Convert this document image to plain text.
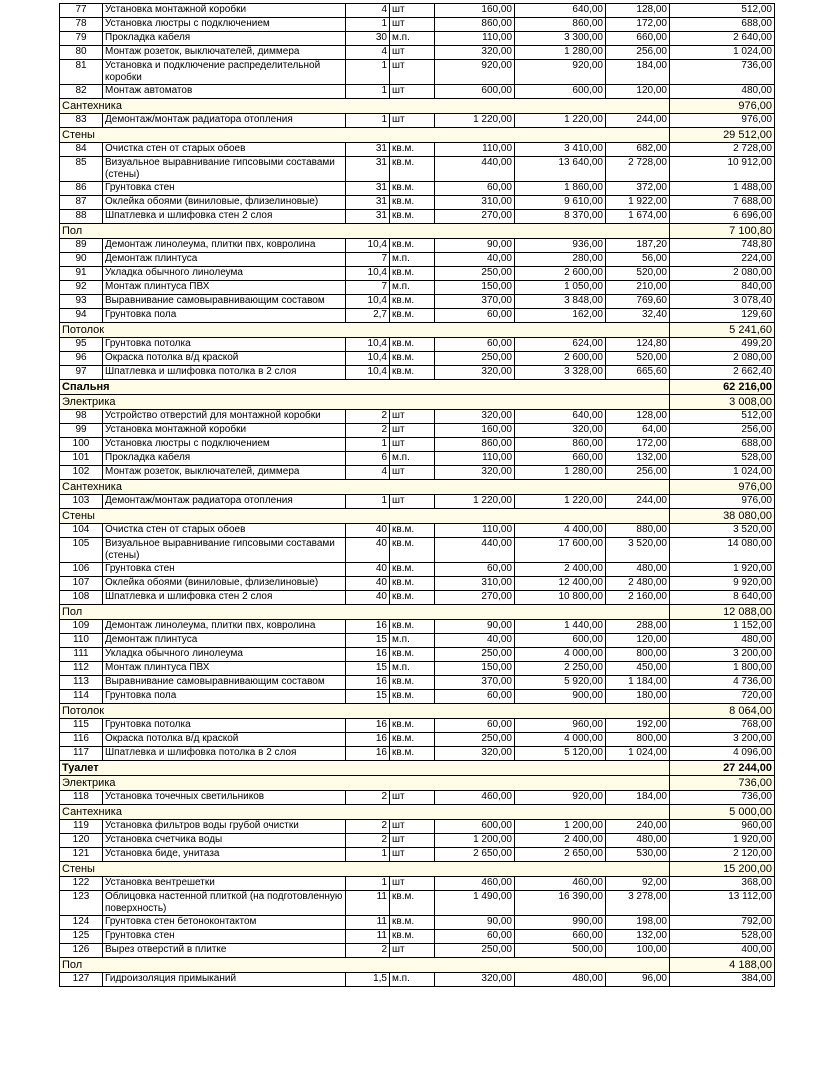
77	Установка монтажной коробки	4	шт	160,00	640,00	128,00	512,00
78	Установка люстры с подключением	1	шт	860,00	860,00	172,00	688,00
79	Прокладка кабеля	30	м.п.	110,00	3 300,00	660,00	2 640,00
80	Монтаж розеток, выключателей, диммера	4	шт	320,00	1 280,00	256,00	1 024,00
81	Установка и подключение распределительной коробки	1	шт	920,00	920,00	184,00	736,00
82	Монтаж автоматов	1	шт	600,00	600,00	120,00	480,00
Сантехника							976,00
83	Демонтаж/монтаж радиатора отопления	1	шт	1 220,00	1 220,00	244,00	976,00
Стены							29 512,00
84	Очистка стен от старых обоев	31	кв.м.	110,00	3 410,00	682,00	2 728,00
85	Визуальное выравнивание гипсовыми составами (стены)	31	кв.м.	440,00	13 640,00	2 728,00	10 912,00
86	Грунтовка стен	31	кв.м.	60,00	1 860,00	372,00	1 488,00
87	Оклейка обоями (виниловые, флизелиновые)	31	кв.м.	310,00	9 610,00	1 922,00	7 688,00
88	Шпатлевка и шлифовка стен 2 слоя	31	кв.м.	270,00	8 370,00	1 674,00	6 696,00
Пол							7 100,80
89	Демонтаж линолеума, плитки пвх, ковролина	10,4	кв.м.	90,00	936,00	187,20	748,80
90	Демонтаж плинтуса	7	м.п.	40,00	280,00	56,00	224,00
91	Укладка обычного линолеума	10,4	кв.м.	250,00	2 600,00	520,00	2 080,00
92	Монтаж плинтуса ПВХ	7	м.п.	150,00	1 050,00	210,00	840,00
93	Выравнивание самовыравнивающим составом	10,4	кв.м.	370,00	3 848,00	769,60	3 078,40
94	Грунтовка пола	2,7	кв.м.	60,00	162,00	32,40	129,60
Потолок							5 241,60
95	Грунтовка потолка	10,4	кв.м.	60,00	624,00	124,80	499,20
96	Окраска потолка в/д краской	10,4	кв.м.	250,00	2 600,00	520,00	2 080,00
97	Шпатлевка и шлифовка потолка в 2 слоя	10,4	кв.м.	320,00	3 328,00	665,60	2 662,40
Спальня							62 216,00
Электрика							3 008,00
98	Устройство отверстий для монтажной коробки	2	шт	320,00	640,00	128,00	512,00
99	Установка монтажной коробки	2	шт	160,00	320,00	64,00	256,00
100	Установка люстры с подключением	1	шт	860,00	860,00	172,00	688,00
101	Прокладка кабеля	6	м.п.	110,00	660,00	132,00	528,00
102	Монтаж розеток, выключателей, диммера	4	шт	320,00	1 280,00	256,00	1 024,00
Сантехника							976,00
103	Демонтаж/монтаж радиатора отопления	1	шт	1 220,00	1 220,00	244,00	976,00
Стены							38 080,00
104	Очистка стен от старых обоев	40	кв.м.	110,00	4 400,00	880,00	3 520,00
105	Визуальное выравнивание гипсовыми составами (стены)	40	кв.м.	440,00	17 600,00	3 520,00	14 080,00
106	Грунтовка стен	40	кв.м.	60,00	2 400,00	480,00	1 920,00
107	Оклейка обоями (виниловые, флизелиновые)	40	кв.м.	310,00	12 400,00	2 480,00	9 920,00
108	Шпатлевка и шлифовка стен 2 слоя	40	кв.м.	270,00	10 800,00	2 160,00	8 640,00
Пол							12 088,00
109	Демонтаж линолеума, плитки пвх, ковролина	16	кв.м.	90,00	1 440,00	288,00	1 152,00
110	Демонтаж плинтуса	15	м.п.	40,00	600,00	120,00	480,00
111	Укладка обычного линолеума	16	кв.м.	250,00	4 000,00	800,00	3 200,00
112	Монтаж плинтуса ПВХ	15	м.п.	150,00	2 250,00	450,00	1 800,00
113	Выравнивание самовыравнивающим составом	16	кв.м.	370,00	5 920,00	1 184,00	4 736,00
114	Грунтовка пола	15	кв.м.	60,00	900,00	180,00	720,00
Потолок							8 064,00
115	Грунтовка потолка	16	кв.м.	60,00	960,00	192,00	768,00
116	Окраска потолка в/д краской	16	кв.м.	250,00	4 000,00	800,00	3 200,00
117	Шпатлевка и шлифовка потолка в 2 слоя	16	кв.м.	320,00	5 120,00	1 024,00	4 096,00
Туалет							27 244,00
Электрика							736,00
118	Установка точечных светильников	2	шт	460,00	920,00	184,00	736,00
Сантехника							5 000,00
119	Установка фильтров воды грубой очистки	2	шт	600,00	1 200,00	240,00	960,00
120	Установка счетчика воды	2	шт	1 200,00	2 400,00	480,00	1 920,00
121	Установка биде, унитаза	1	шт	2 650,00	2 650,00	530,00	2 120,00
Стены							15 200,00
122	Установка вентрешетки	1	шт	460,00	460,00	92,00	368,00
123	Облицовка настенной плиткой (на подготовленную поверхность)	11	кв.м.	1 490,00	16 390,00	3 278,00	13 112,00
124	Грунтовка стен бетоноконтактом	11	кв.м.	90,00	990,00	198,00	792,00
125	Грунтовка стен	11	кв.м.	60,00	660,00	132,00	528,00
126	Вырез отверстий в плитке	2	шт	250,00	500,00	100,00	400,00
Пол							4 188,00
127	Гидроизоляция примыканий	1,5	м.п.	320,00	480,00	96,00	384,00
